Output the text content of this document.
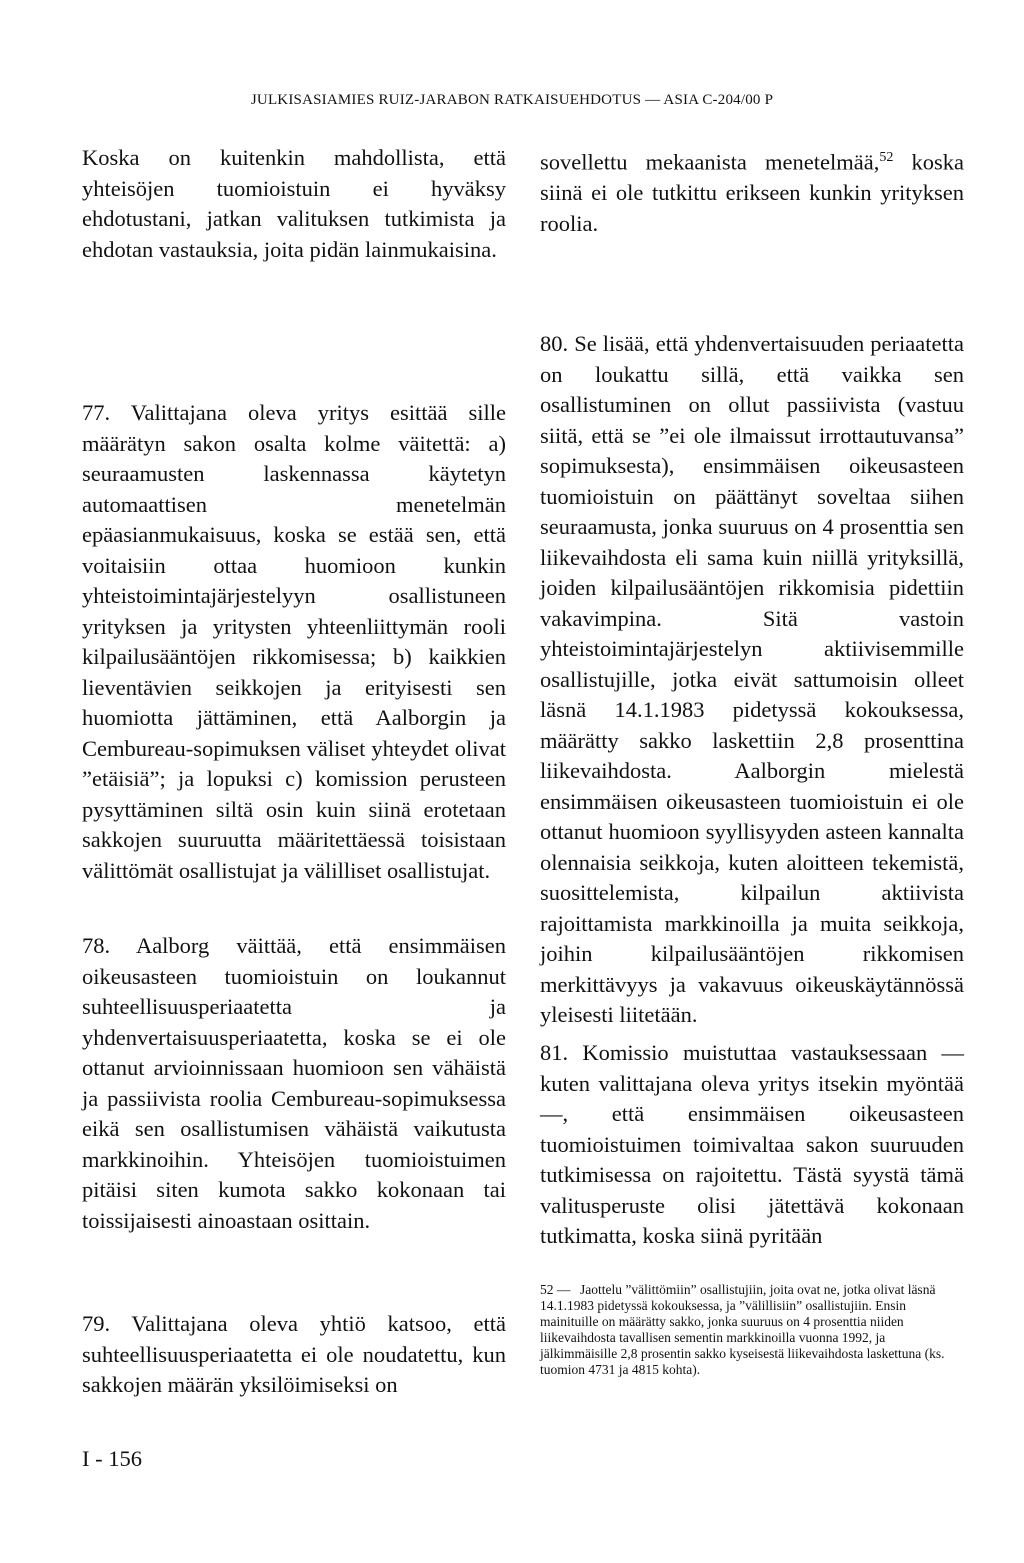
JULKISASIAMIES RUIZ-JARABON RATKAISUEHDOTUS — ASIA C-204/00 P

Koska on kuitenkin mahdollista, että yhteisöjen tuomioistuin ei hyväksy ehdotustani, jatkan valituksen tutkimista ja ehdotan vastauksia, joita pidän lainmukaisina.

77. Valittajana oleva yritys esittää sille määrätyn sakon osalta kolme väitettä: a) seuraamusten laskennassa käytetyn automaattisen menetelmän epäasianmukaisuus, koska se estää sen, että voitaisiin ottaa huomioon kunkin yhteistoimintajärjestelyyn osallistuneen yrityksen ja yritysten yhteenliittymän rooli kilpailusääntöjen rikkomisessa; b) kaikkien lieventävien seikkojen ja erityisesti sen huomiotta jättäminen, että Aalborgin ja Cembureau-sopimuksen väliset yhteydet olivat ”etäisiä”; ja lopuksi c) komission perusteen pysyttäminen siltä osin kuin siinä erotetaan sakkojen suuruutta määritettäessä toisistaan välittömät osallistujat ja välilliset osallistujat.

78. Aalborg väittää, että ensimmäisen oikeusasteen tuomioistuin on loukannut suhteellisuusperiaatetta ja yhdenvertaisuusperiaatetta, koska se ei ole ottanut arvioinnissaan huomioon sen vähäistä ja passiivista roolia Cembureau-sopimuksessa eikä sen osallistumisen vähäistä vaikutusta markkinoihin. Yhteisöjen tuomioistuimen pitäisi siten kumota sakko kokonaan tai toissijaisesti ainoastaan osittain.

79. Valittajana oleva yhtiö katsoo, että suhteellisuusperiaatetta ei ole noudatettu, kun sakkojen määrän yksilöimiseksi on

sovellettu mekaanista menetelmää,$^{52}$ koska siinä ei ole tutkittu erikseen kunkin yrityksen roolia.

80. Se lisää, että yhdenvertaisuuden periaatetta on loukattu sillä, että vaikka sen osallistuminen on ollut passiivista (vastuu siitä, että se ”ei ole ilmaissut irrottautuvansa” sopimuksesta), ensimmäisen oikeusasteen tuomioistuin on päättänyt soveltaa siihen seuraamusta, jonka suuruus on 4 prosenttia sen liikevaihdosta eli sama kuin niillä yrityksillä, joiden kilpailusääntöjen rikkomisia pidettiin vakavimpina. Sitä vastoin yhteistoimintajärjestelyn aktiivisemmille osallistujille, jotka eivät sattumoisin olleet läsnä 14.1.1983 pidetyssä kokouksessa, määrätty sakko laskettiin 2,8 prosenttina liikevaihdosta. Aalborgin mielestä ensimmäisen oikeusasteen tuomioistuin ei ole ottanut huomioon syyllisyyden asteen kannalta olennaisia seikkoja, kuten aloitteen tekemistä, suosittelemista, kilpailun aktiivista rajoittamista markkinoilla ja muita seikkoja, joihin kilpailusääntöjen rikkomisen merkittävyys ja vakavuus oikeuskäytännössä yleisesti liitetään.

81. Komissio muistuttaa vastauksessaan — kuten valittajana oleva yritys itsekin myöntää —, että ensimmäisen oikeusasteen tuomioistuimen toimivaltaa sakon suuruuden tutkimisessa on rajoitettu. Tästä syystä tämä valitusperuste olisi jätettävä kokonaan tutkimatta, koska siinä pyritään

52 — Jaottelu ”välittömiin” osallistujiin, joita ovat ne, jotka olivat läsnä 14.1.1983 pidetyssä kokouksessa, ja ”välillisiin” osallistujiin. Ensin mainituille on määrätty sakko, jonka suuruus on 4 prosenttia niiden liikevaihdosta tavallisen sementin markkinoilla vuonna 1992, ja jälkimmäisille 2,8 prosentin sakko kyseisestä liikevaihdosta laskettuna (ks. tuomion 4731 ja 4815 kohta).
I - 156
